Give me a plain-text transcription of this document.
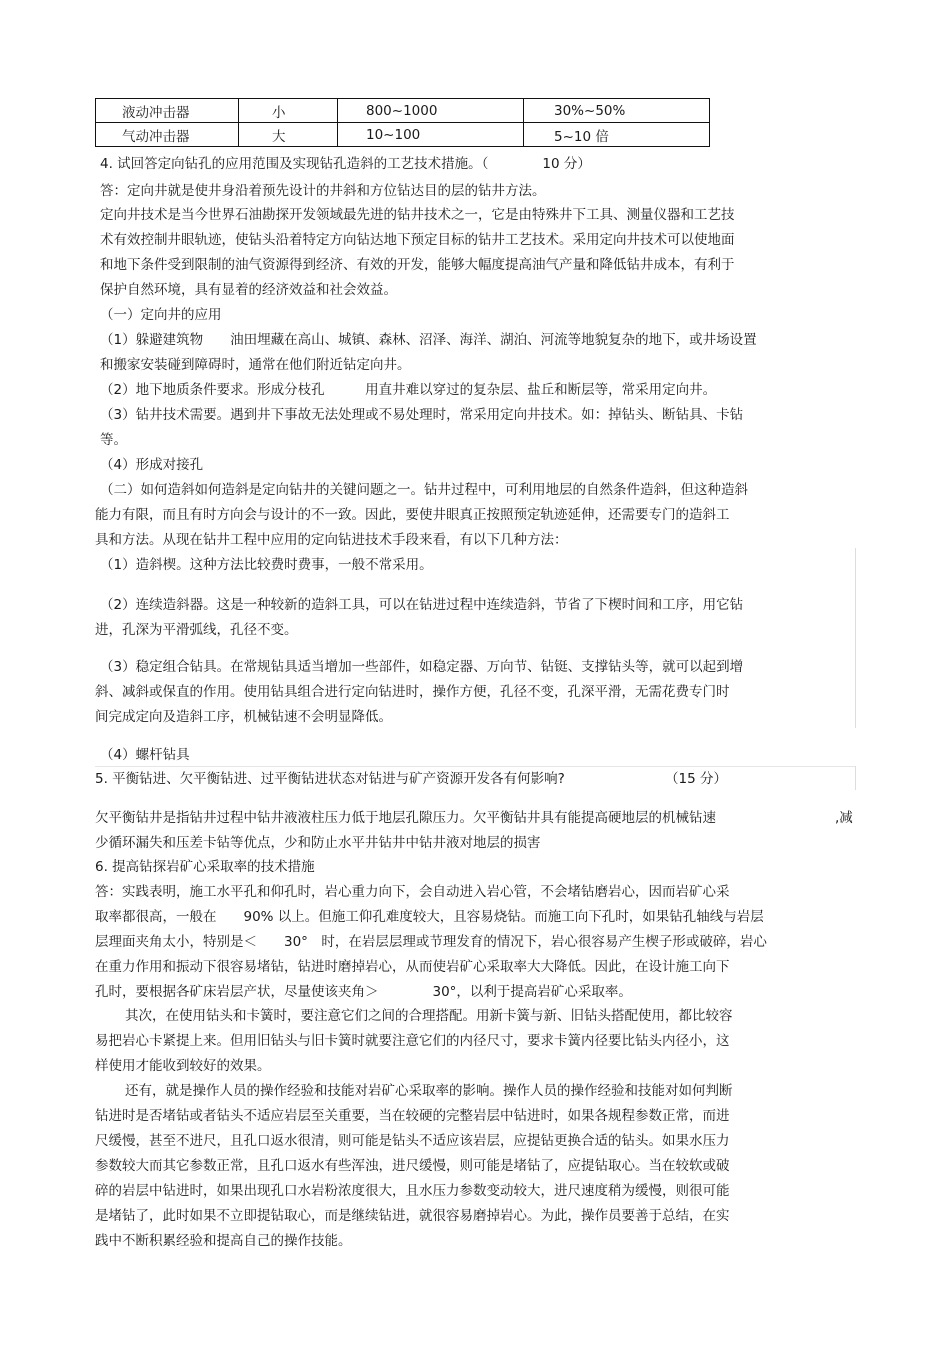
液动冲击器	小	800~1000	30%~50%
气动冲击器	大	10~100	5~10 倍
4. 试回答定向钻孔的应用范围及实现钻孔造斜的工艺技术措施。（　　　　10 分）
答：定向井就是使井身沿着预先设计的井斜和方位钻达目的层的钻井方法。
定向井技术是当今世界石油勘探开发领域最先进的钻井技术之一，它是由特殊井下工具、测量仪器和工艺技
术有效控制井眼轨迹，使钻头沿着特定方向钻达地下预定目标的钻井工艺技术。采用定向井技术可以使地面
和地下条件受到限制的油气资源得到经济、有效的开发，能够大幅度提高油气产量和降低钻井成本，有利于
保护自然环境，具有显着的经济效益和社会效益。
（一）定向井的应用
（1）躲避建筑物　　油田埋藏在高山、城镇、森林、沼泽、海洋、湖泊、河流等地貌复杂的地下，或井场设置
和搬家安装碰到障碍时，通常在他们附近钻定向井。
（2）地下地质条件要求。形成分枝孔　　　用直井难以穿过的复杂层、盐丘和断层等，常采用定向井。
（3）钻井技术需要。遇到井下事故无法处理或不易处理时，常采用定向井技术。如：掉钻头、断钻具、卡钻
等。
（4）形成对接孔
（二）如何造斜如何造斜是定向钻井的关键问题之一。钻井过程中，可利用地层的自然条件造斜，但这种造斜
能力有限，而且有时方向会与设计的不一致。因此，要使井眼真正按照预定轨迹延伸，还需要专门的造斜工
具和方法。从现在钻井工程中应用的定向钻进技术手段来看，有以下几种方法：
（1）造斜楔。这种方法比较费时费事，一般不常采用。
（2）连续造斜器。这是一种较新的造斜工具，可以在钻进过程中连续造斜，节省了下楔时间和工序，用它钻
进，孔深为平滑弧线，孔径不变。
（3）稳定组合钻具。在常规钻具适当增加一些部件，如稳定器、万向节、钻铤、支撑钻头等，就可以起到增
斜、减斜或保直的作用。使用钻具组合进行定向钻进时，操作方便，孔径不变，孔深平滑，无需花费专门时
间完成定向及造斜工序，机械钻速不会明显降低。
（4）螺杆钻具
5. 平衡钻进、欠平衡钻进、过平衡钻进状态对钻进与矿产资源开发各有何影响?	（15 分）
欠平衡钻井是指钻井过程中钻井液液柱压力低于地层孔隙压力。欠平衡钻井具有能提高硬地层的机械钻速	,减
少循环漏失和压差卡钻等优点，少和防止水平井钻井中钻井液对地层的损害
6. 提高钻探岩矿心采取率的技术措施
答：实践表明，施工水平孔和仰孔时，岩心重力向下，会自动进入岩心管，不会堵钻磨岩心，因而岩矿心采
取率都很高，一般在　　90% 以上。但施工仰孔难度较大，且容易烧钻。而施工向下孔时，如果钻孔轴线与岩层
层理面夹角太小，特别是＜　　30°　时，在岩层层理或节理发育的情况下，岩心很容易产生楔子形或破碎，岩心
在重力作用和振动下很容易堵钻，钻进时磨掉岩心，从而使岩矿心采取率大大降低。因此，在设计施工向下
孔时，要根据各矿床岩层产状，尽量使该夹角＞　　　　30°，以利于提高岩矿心采取率。
其次，在使用钻头和卡簧时，要注意它们之间的合理搭配。用新卡簧与新、旧钻头搭配使用，都比较容
易把岩心卡紧提上来。但用旧钻头与旧卡簧时就要注意它们的内径尺寸，要求卡簧内径要比钻头内径小，这
样使用才能收到较好的效果。
还有，就是操作人员的操作经验和技能对岩矿心采取率的影响。操作人员的操作经验和技能对如何判断
钻进时是否堵钻或者钻头不适应岩层至关重要，当在较硬的完整岩层中钻进时，如果各规程参数正常，而进
尺缓慢，甚至不进尺，且孔口返水很清，则可能是钻头不适应该岩层，应提钻更换合适的钻头。如果水压力
参数较大而其它参数正常，且孔口返水有些浑浊，进尺缓慢，则可能是堵钻了，应提钻取心。当在较软或破
碎的岩层中钻进时，如果出现孔口水岩粉浓度很大，且水压力参数变动较大，进尺速度稍为缓慢，则很可能
是堵钻了，此时如果不立即提钻取心，而是继续钻进，就很容易磨掉岩心。为此，操作员要善于总结，在实
践中不断积累经验和提高自己的操作技能。
